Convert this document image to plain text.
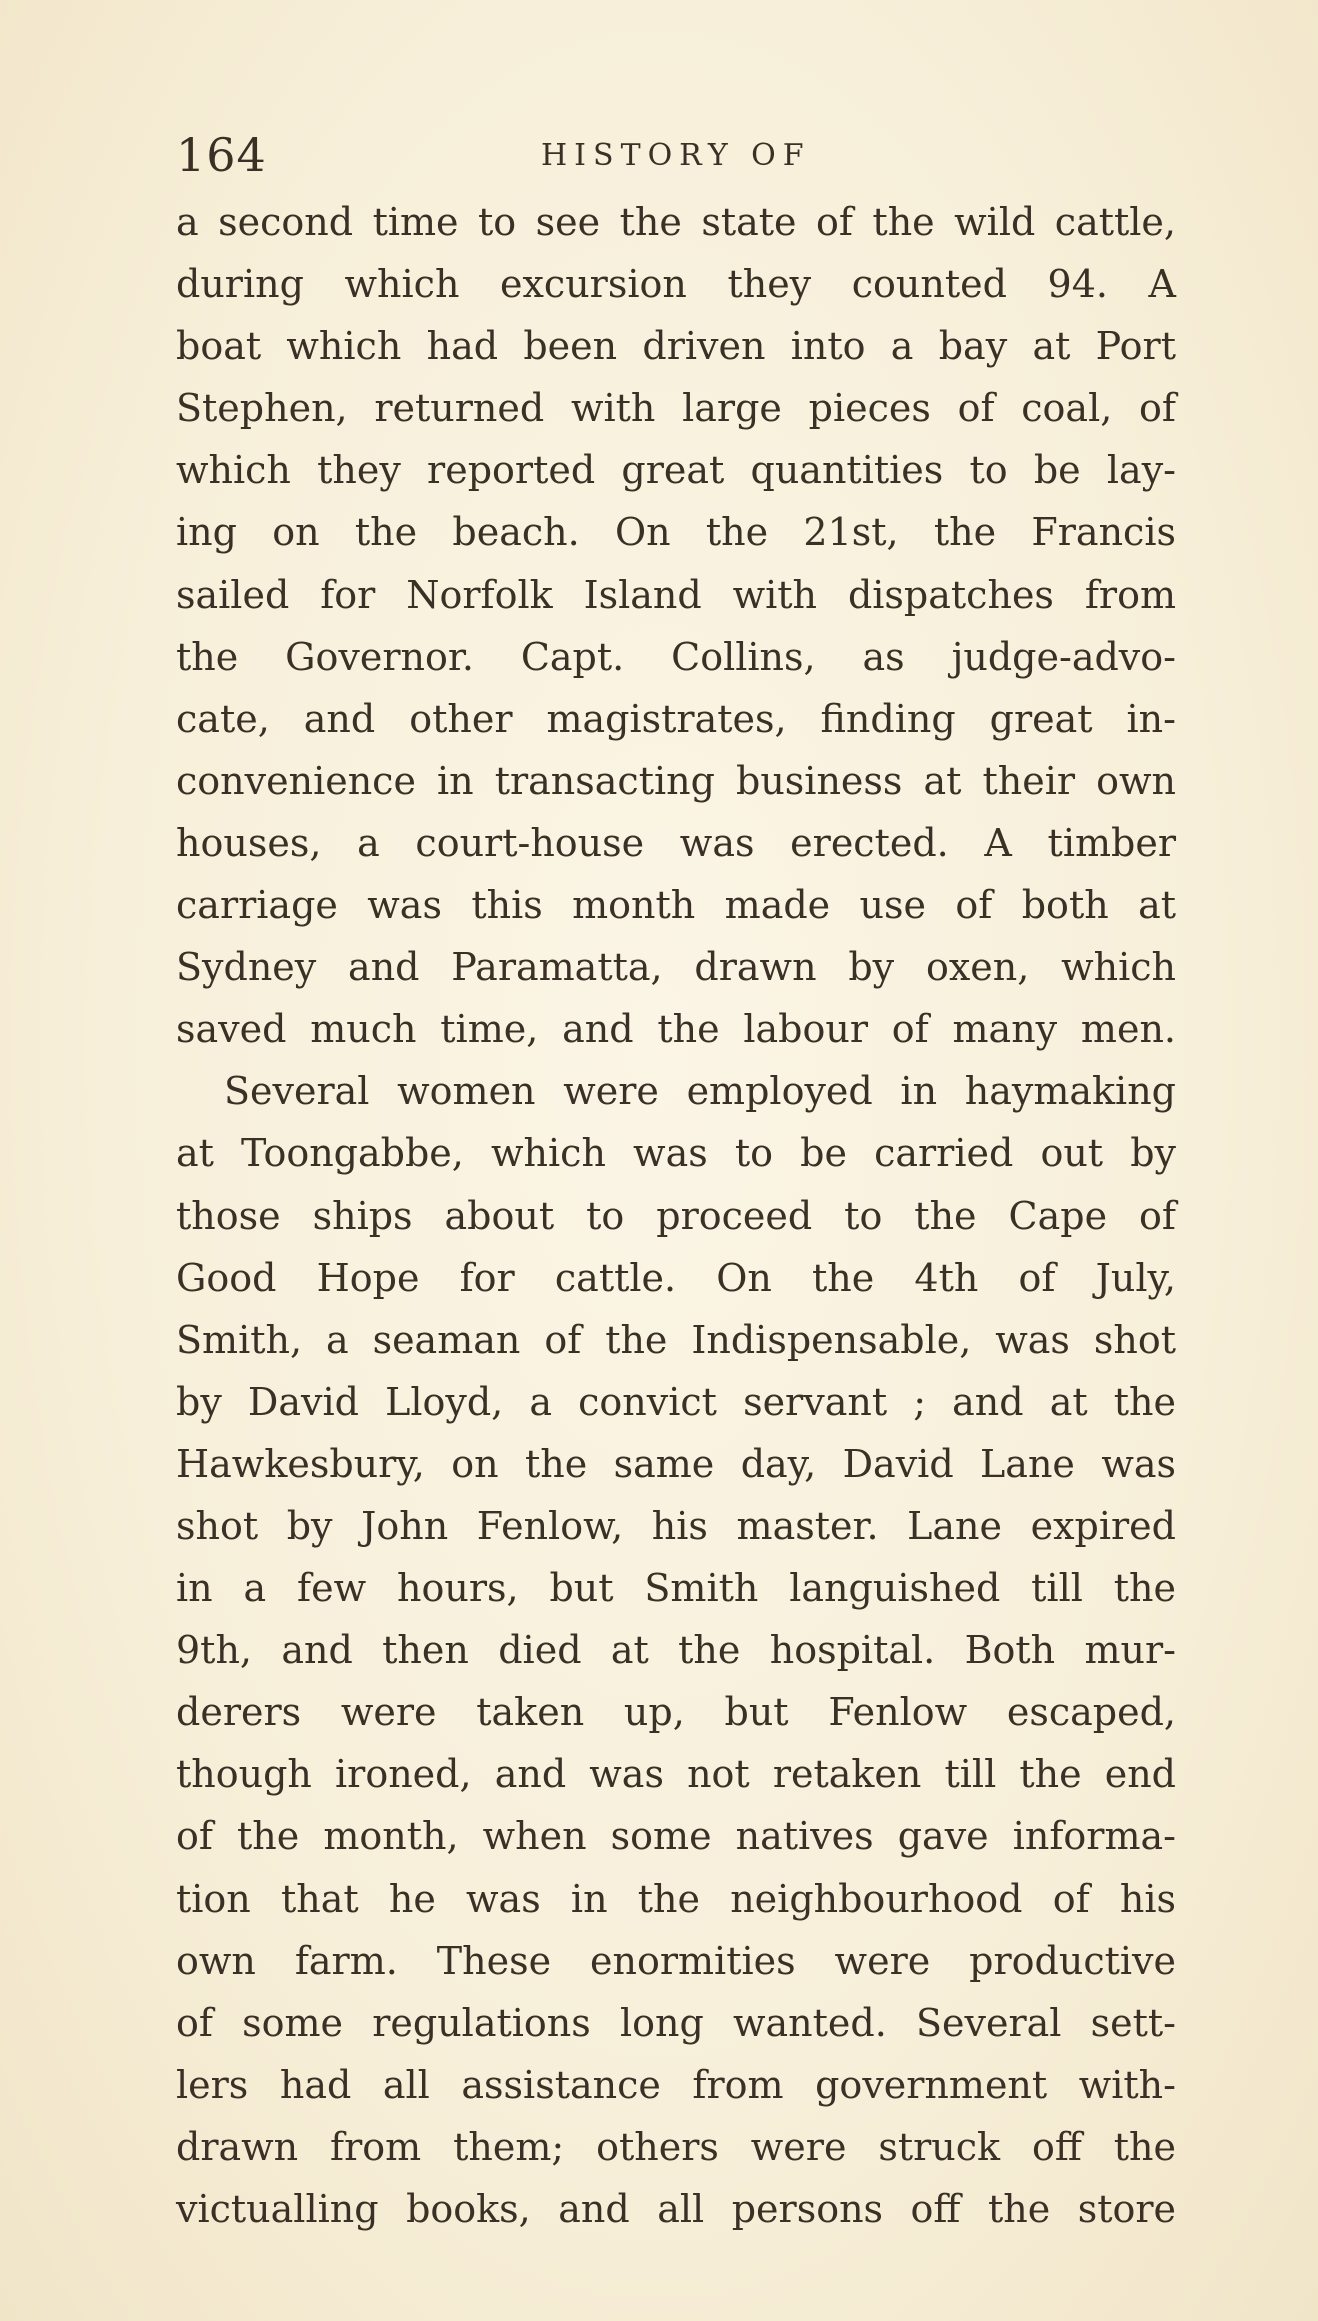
164	HISTORY OF
a second time to see the state of the wild cattle,
during which excursion they counted 94. A
boat which had been driven into a bay at Port
Stephen, returned with large pieces of coal, of
which they reported great quantities to be lay-
ing on the beach. On the 21st, the Francis
sailed for Norfolk Island with dispatches from
the Governor. Capt. Collins, as judge-advo-
cate, and other magistrates, finding great in-
convenience in transacting business at their own
houses, a court-house was erected. A timber
carriage was this month made use of both at
Sydney and Paramatta, drawn by oxen, which
saved much time, and the labour of many men.
Several women were employed in haymaking
at Toongabbe, which was to be carried out by
those ships about to proceed to the Cape of
Good Hope for cattle. On the 4th of July,
Smith, a seaman of the Indispensable, was shot
by David Lloyd, a convict servant ; and at the
Hawkesbury, on the same day, David Lane was
shot by John Fenlow, his master. Lane expired
in a few hours, but Smith languished till the
9th, and then died at the hospital. Both mur-
derers were taken up, but Fenlow escaped,
though ironed, and was not retaken till the end
of the month, when some natives gave informa-
tion that he was in the neighbourhood of his
own farm. These enormities were productive
of some regulations long wanted. Several sett-
lers had all assistance from government with-
drawn from them; others were struck off the
victualling books, and all persons off the store
